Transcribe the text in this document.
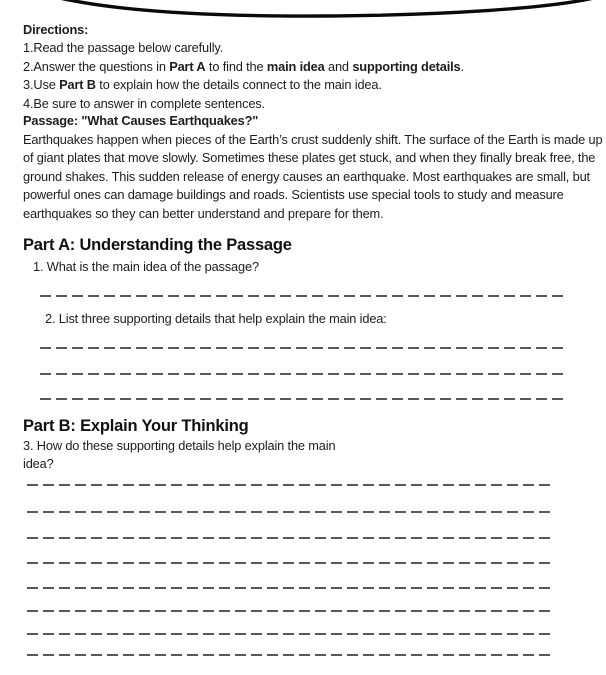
Directions:
1.Read the passage below carefully.
2.Answer the questions in Part A to find the main idea and supporting details.
3.Use Part B to explain how the details connect to the main idea.
4.Be sure to answer in complete sentences.
Passage: "What Causes Earthquakes?"
Earthquakes happen when pieces of the Earth’s crust suddenly shift. The surface of the Earth is made up of giant plates that move slowly. Sometimes these plates get stuck, and when they finally break free, the ground shakes. This sudden release of energy causes an earthquake. Most earthquakes are small, but powerful ones can damage buildings and roads. Scientists use special tools to study and measure earthquakes so they can better understand and prepare for them.
Part A: Understanding the Passage
1. What is the main idea of the passage?
2. List three supporting details that help explain the main idea:
Part B: Explain Your Thinking
3. How do these supporting details help explain the main idea?
